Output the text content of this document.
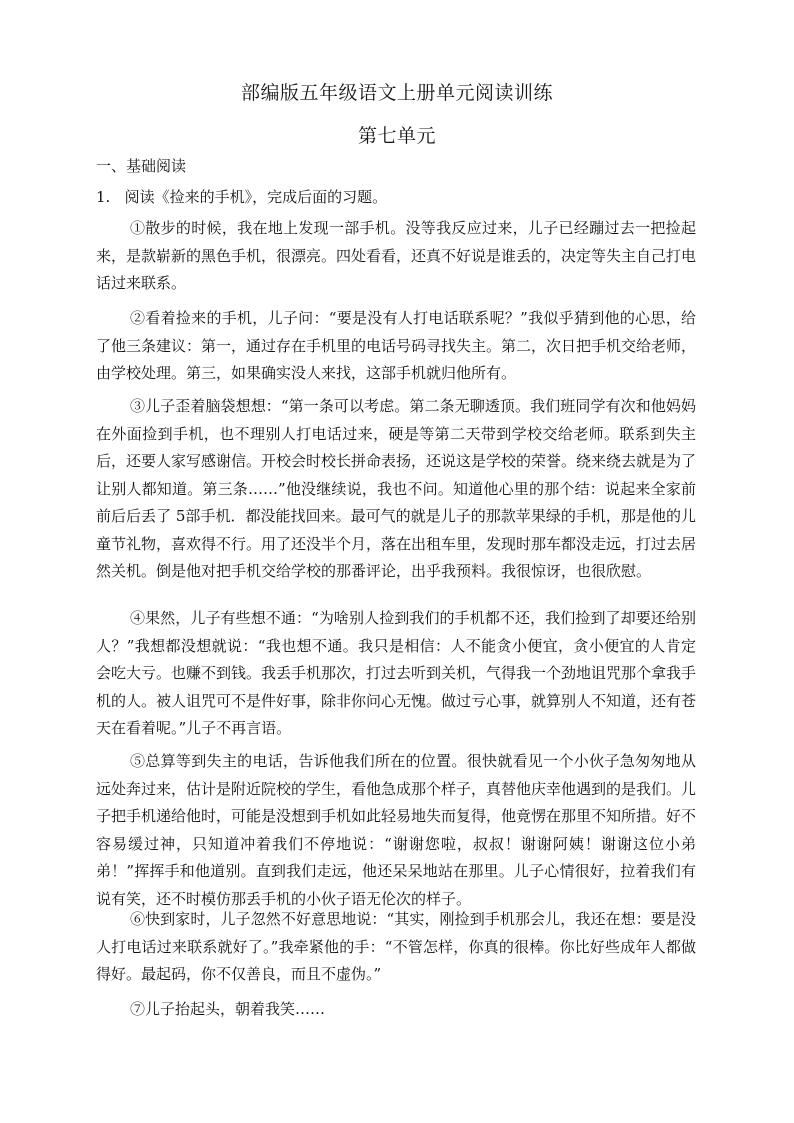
部编版五年级语文上册单元阅读训练
第七单元
一、基础阅读
1.   阅读《捡来的手机》，完成后面的习题。

①散步的时候，我在地上发现一部手机。没等我反应过来，儿子已经蹦过去一把捡起来，是款崭新的黑色手机，很漂亮。四处看看，还真不好说是谁丢的，决定等失主自己打电话过来联系。

②看着捡来的手机，儿子问：“要是没有人打电话联系呢？”我似乎猜到他的心思，给了他三条建议：第一，通过存在手机里的电话号码寻找失主。第二，次日把手机交给老师，由学校处理。第三，如果确实没人来找，这部手机就归他所有。

③儿子歪着脑袋想想：“第一条可以考虑。第二条无聊透顶。我们班同学有次和他妈妈在外面捡到手机，也不理别人打电话过来，硬是等第二天带到学校交给老师。联系到失主后，还要人家写感谢信。开校会时校长拼命表扬，还说这是学校的荣誉。绕来绕去就是为了让别人都知道。第三条……”他没继续说，我也不问。知道他心里的那个结：说起来全家前前后后丢了 5部手机．都没能找回来。最可气的就是儿子的那款苹果绿的手机，那是他的儿童节礼物，喜欢得不行。用了还没半个月，落在出租车里，发现时那车都没走远，打过去居然关机。倒是他对把手机交给学校的那番评论，出乎我预料。我很惊讶，也很欣慰。

④果然，儿子有些想不通：“为啥别人捡到我们的手机都不还，我们捡到了却要还给别人？”我想都没想就说：“我也想不通。我只是相信：人不能贪小便宜，贪小便宜的人肯定会吃大亏。也赚不到钱。我丢手机那次，打过去听到关机，气得我一个劲地诅咒那个拿我手机的人。被人诅咒可不是件好事，除非你问心无愧。做过亏心事，就算别人不知道，还有苍天在看着呢。”儿子不再言语。

⑤总算等到失主的电话，告诉他我们所在的位置。很快就看见一个小伙子急匆匆地从远处奔过来，估计是附近院校的学生，看他急成那个样子，真替他庆幸他遇到的是我们。儿子把手机递给他时，可能是没想到手机如此轻易地失而复得，他竟愣在那里不知所措。好不容易缓过神，只知道冲着我们不停地说：“谢谢您啦，叔叔！谢谢阿姨！谢谢这位小弟弟！”挥挥手和他道别。直到我们走远，他还呆呆地站在那里。儿子心情很好，拉着我们有说有笑，还不时模仿那丢手机的小伙子语无伦次的样子。

⑥快到家时，儿子忽然不好意思地说：“其实，刚捡到手机那会儿，我还在想：要是没人打电话过来联系就好了。”我牵紧他的手：“不管怎样，你真的很棒。你比好些成年人都做得好。最起码，你不仅善良，而且不虚伪。”

⑦儿子抬起头，朝着我笑……
